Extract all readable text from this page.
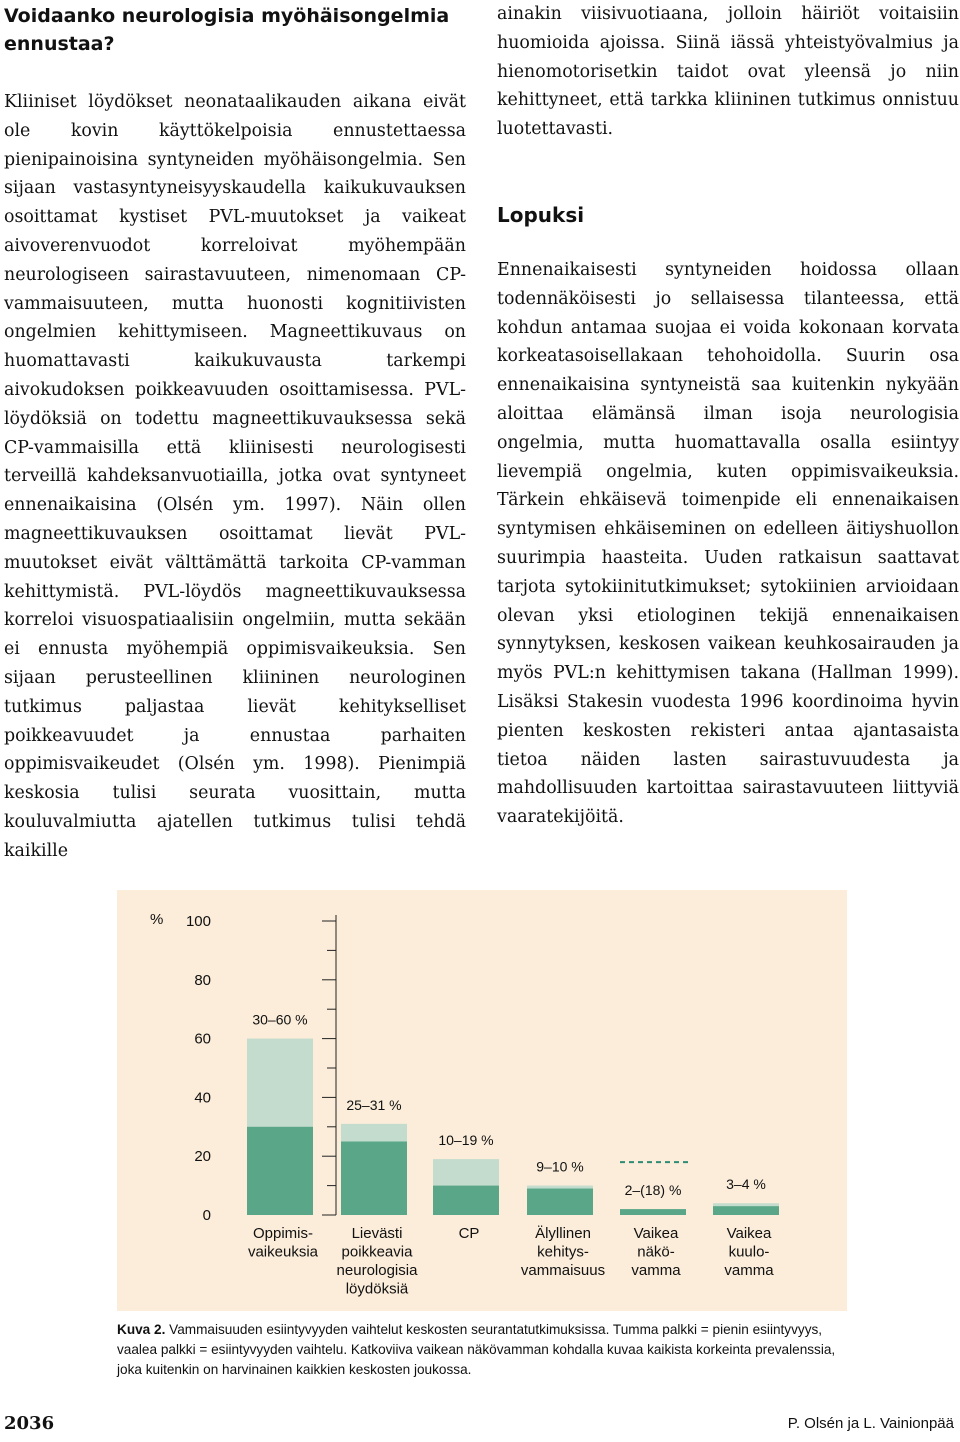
Voidaanko neurologisia myöhäisongelmia ennustaa?

Kliiniset löydökset neonataalikauden aikana eivät ole kovin käyttökelpoisia ennustettaessa pienipainoisina syntyneiden myöhäisongelmia. Sen sijaan vastasyntyneisyyskaudella kaikukuvauksen osoittamat kystiset PVL-muutokset ja vaikeat aivoverenvuodot korreloivat myöhempään neurologiseen sairastavuuteen, nimenomaan CP-vammaisuuteen, mutta huonosti kognitiivisten ongelmien kehittymiseen. Magneettikuvaus on huomattavasti kaikukuvausta tarkempi aivokudoksen poikkeavuuden osoittamisessa. PVL-löydöksiä on todettu magneettikuvauksessa sekä CP-vammaisilla että kliinisesti neurologisesti terveillä kahdeksanvuotiailla, jotka ovat syntyneet ennenaikaisina (Olsén ym. 1997). Näin ollen magneettikuvauksen osoittamat lievät PVL-muutokset eivät välttämättä tarkoita CP-vamman kehittymistä. PVL-löydös magneettikuvauksessa korreloi visuospatiaalisiin ongelmiin, mutta sekään ei ennusta myöhempiä oppimisvaikeuksia. Sen sijaan perusteellinen kliininen neurologinen tutkimus paljastaa lievät kehitykselliset poikkeavuudet ja ennustaa parhaiten oppimisvaikeudet (Olsén ym. 1998). Pienimpiä keskosia tulisi seurata vuosittain, mutta kouluvalmiutta ajatellen tutkimus tulisi tehdä kaikille

ainakin viisivuotiaana, jolloin häiriöt voitaisiin huomioida ajoissa. Siinä iässä yhteistyövalmius ja hienomotorisetkin taidot ovat yleensä jo niin kehittyneet, että tarkka kliininen tutkimus onnistuu luotettavasti.

Lopuksi

Ennenaikaisesti syntyneiden hoidossa ollaan todennäköisesti jo sellaisessa tilanteessa, että kohdun antamaa suojaa ei voida kokonaan korvata korkeatasoisellakaan tehohoidolla. Suurin osa ennenaikaisina syntyneistä saa kuitenkin nykyään aloittaa elämänsä ilman isoja neurologisia ongelmia, mutta huomattavalla osalla esiintyy lievempiä ongelmia, kuten oppimisvaikeuksia. Tärkein ehkäisevä toimenpide eli ennenaikaisen syntymisen ehkäiseminen on edelleen äitiyshuollon suurimpia haasteita. Uuden ratkaisun saattavat tarjota sytokiinitutkimukset; sytokiinien arvioidaan olevan yksi etiologinen tekijä ennenaikaisen synnytyksen, keskosen vaikean keuhkosairauden ja myös PVL:n kehittymisen takana (Hallman 1999). Lisäksi Stakesin vuodesta 1996 koordinoima hyvin pienten keskosten rekisteri antaa ajantasaista tietoa näiden lasten sairastuvuudesta ja mahdollisuuden kartoittaa sairastavuuteen liittyviä vaaratekijöitä.

100
80
60
40
20
0
%
30–60 %
Oppimis-vaikeuksia
25–31 %
Lievästi poikkeavia neurologisia löydöksiä
10–19 %
CP
9–10 %
Älyllinen kehitys-vammaisuus
2–(18) %
Vaikea näkö-vamma
3–4 %
Vaikea kuulo-vamma
Kuva 2. Vammaisuuden esiintyvyyden vaihtelut keskosten seurantatutkimuksissa. Tumma palkki = pienin esiintyvyys, vaalea palkki = esiintyvyyden vaihtelu. Katkoviiva vaikean näkövamman kohdalla kuvaa kaikista korkeinta prevalenssia, joka kuitenkin on harvinainen kaikkien keskosten joukossa.
2036	P. Olsén ja L. Vainionpää
